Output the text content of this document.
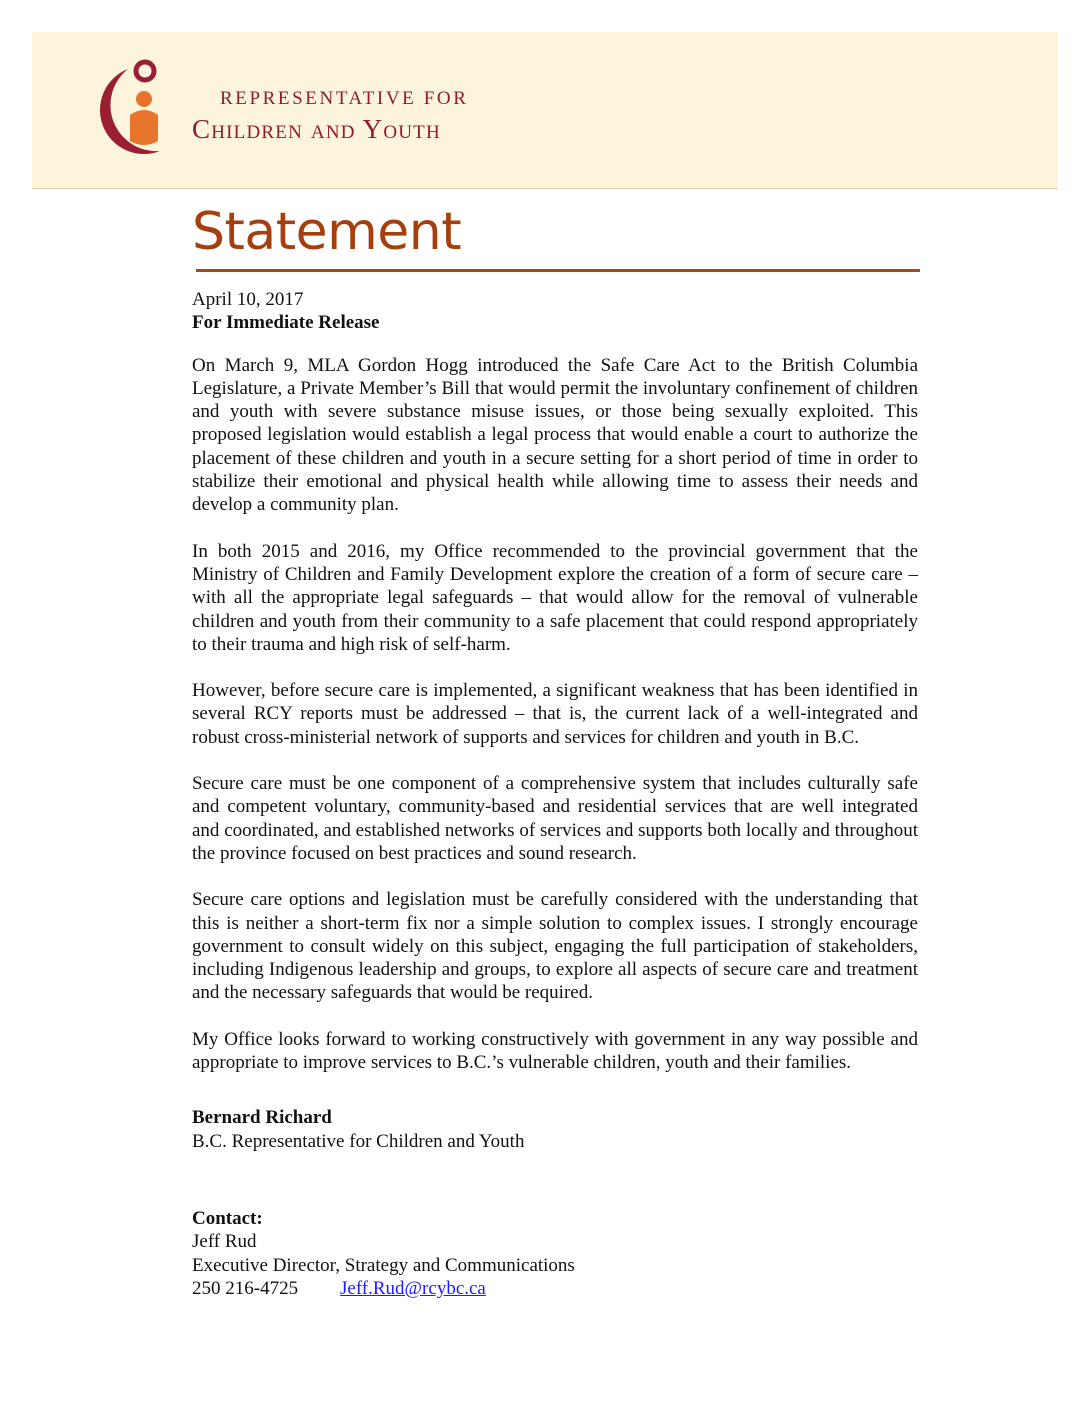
REPRESENTATIVE FOR
Children and Youth
Statement

April 10, 2017

For Immediate Release

On March 9, MLA Gordon Hogg introduced the Safe Care Act to the British Columbia Legislature, a Private Member’s Bill that would permit the involuntary confinement of children and youth with severe substance misuse issues, or those being sexually exploited. This proposed legislation would establish a legal process that would enable a court to authorize the placement of these children and youth in a secure setting for a short period of time in order to stabilize their emotional and physical health while allowing time to assess their needs and develop a community plan.

In both 2015 and 2016, my Office recommended to the provincial government that the Ministry of Children and Family Development explore the creation of a form of secure care – with all the appropriate legal safeguards – that would allow for the removal of vulnerable children and youth from their community to a safe placement that could respond appropriately to their trauma and high risk of self-harm.

However, before secure care is implemented, a significant weakness that has been identified in several RCY reports must be addressed – that is, the current lack of a well-integrated and robust cross-ministerial network of supports and services for children and youth in B.C.

Secure care must be one component of a comprehensive system that includes culturally safe and competent voluntary, community-based and residential services that are well integrated and coordinated, and established networks of services and supports both locally and throughout the province focused on best practices and sound research.

Secure care options and legislation must be carefully considered with the understanding that this is neither a short-term fix nor a simple solution to complex issues. I strongly encourage government to consult widely on this subject, engaging the full participation of stakeholders, including Indigenous leadership and groups, to explore all aspects of secure care and treatment and the necessary safeguards that would be required.

My Office looks forward to working constructively with government in any way possible and appropriate to improve services to B.C.’s vulnerable children, youth and their families.

Bernard Richard
B.C. Representative for Children and Youth
Contact:
Jeff Rud
Executive Director, Strategy and Communications
250 216-4725	Jeff.Rud@rcybc.ca
